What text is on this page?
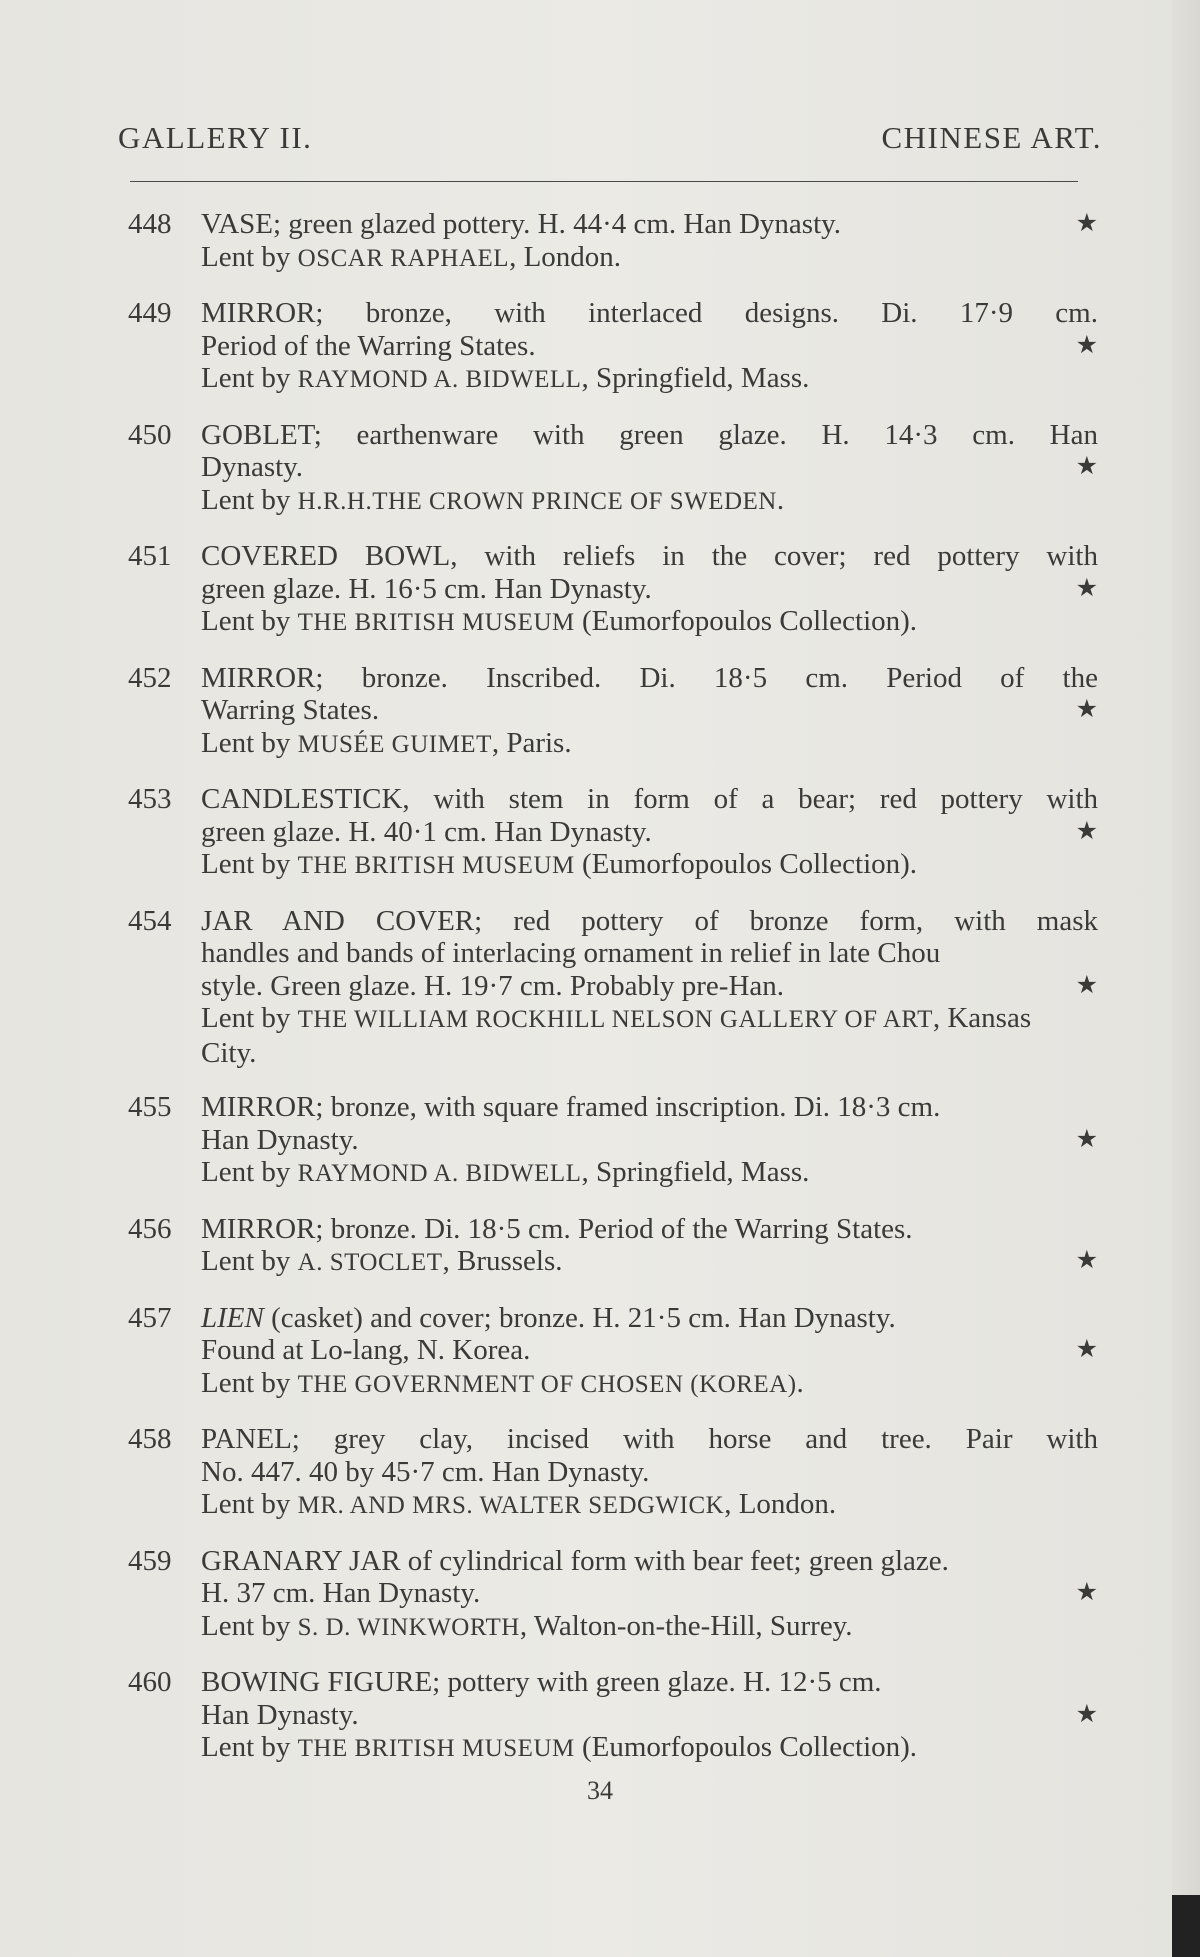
GALLERY II.	CHINESE ART.
448	VASE; green glazed pottery. H. 44·4 cm. Han Dynasty.	★
Lent by OSCAR RAPHAEL, London.
449	MIRROR; bronze, with interlaced designs. Di. 17·9 cm.
Period of the Warring States.	★
Lent by RAYMOND A. BIDWELL, Springfield, Mass.
450	GOBLET; earthenware with green glaze. H. 14·3 cm. Han
Dynasty.	★
Lent by H.R.H.THE CROWN PRINCE OF SWEDEN.
451	COVERED BOWL, with reliefs in the cover; red pottery with
green glaze. H. 16·5 cm. Han Dynasty.	★
Lent by THE BRITISH MUSEUM (Eumorfopoulos Collection).
452	MIRROR; bronze. Inscribed. Di. 18·5 cm. Period of the
Warring States.	★
Lent by MUSÉE GUIMET, Paris.
453	CANDLESTICK, with stem in form of a bear; red pottery with
green glaze. H. 40·1 cm. Han Dynasty.	★
Lent by THE BRITISH MUSEUM (Eumorfopoulos Collection).
454	JAR AND COVER; red pottery of bronze form, with mask
handles and bands of interlacing ornament in relief in late Chou
style. Green glaze. H. 19·7 cm. Probably pre-Han.	★
Lent by THE WILLIAM ROCKHILL NELSON GALLERY OF ART, Kansas
City.
455	MIRROR; bronze, with square framed inscription. Di. 18·3 cm.
Han Dynasty.	★
Lent by RAYMOND A. BIDWELL, Springfield, Mass.
456	MIRROR; bronze. Di. 18·5 cm. Period of the Warring States.
Lent by A. STOCLET, Brussels.	★
457	LIEN (casket) and cover; bronze. H. 21·5 cm. Han Dynasty.
Found at Lo-lang, N. Korea.	★
Lent by THE GOVERNMENT OF CHOSEN (KOREA).
458	PANEL; grey clay, incised with horse and tree. Pair with
No. 447. 40 by 45·7 cm. Han Dynasty.
Lent by MR. AND MRS. WALTER SEDGWICK, London.
459	GRANARY JAR of cylindrical form with bear feet; green glaze.
H. 37 cm. Han Dynasty.	★
Lent by S. D. WINKWORTH, Walton-on-the-Hill, Surrey.
460	BOWING FIGURE; pottery with green glaze. H. 12·5 cm.
Han Dynasty.	★
Lent by THE BRITISH MUSEUM (Eumorfopoulos Collection).
34
